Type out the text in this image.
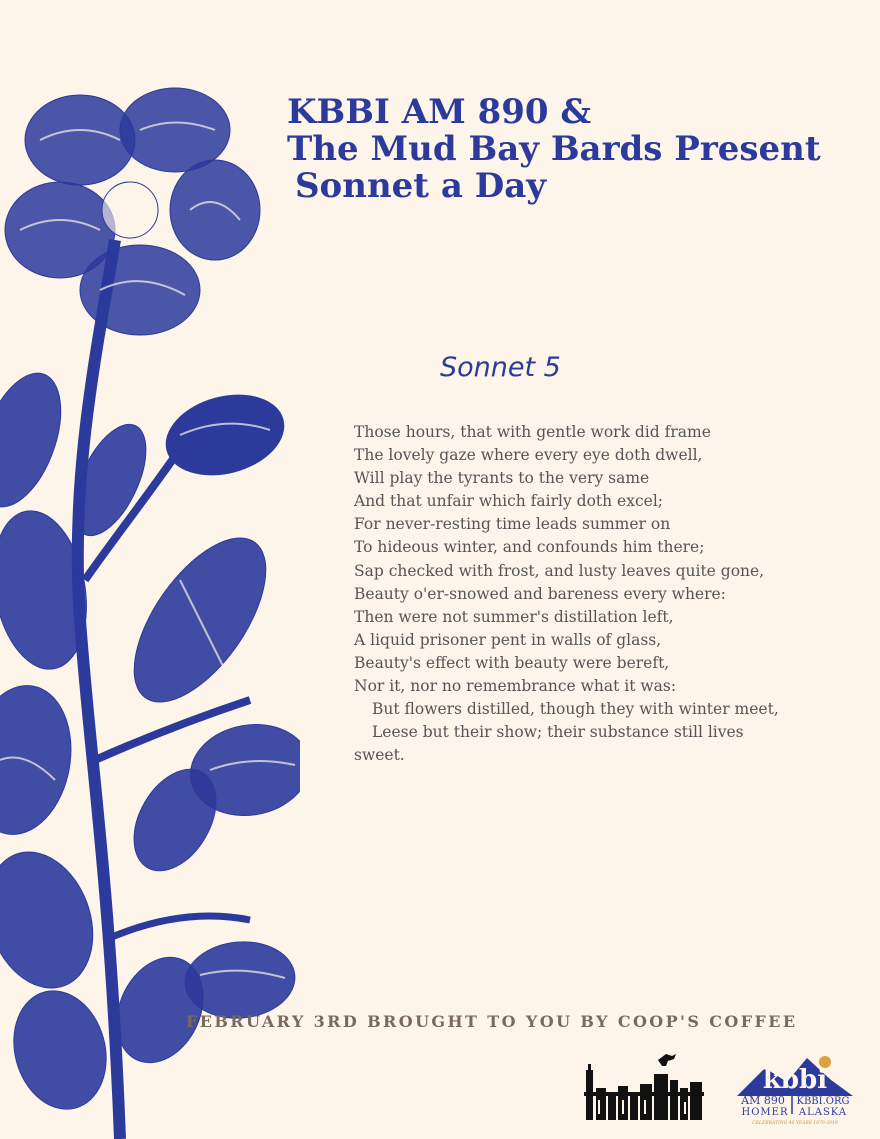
KBBI AM 890 &
The Mud Bay Bards Present
Sonnet a Day
Sonnet 5
Those hours, that with gentle work did frame
The lovely gaze where every eye doth dwell,
Will play the tyrants to the very same
And that unfair which fairly doth excel;
For never-resting time leads summer on
To hideous winter, and confounds him there;
Sap checked with frost, and lusty leaves quite gone,
Beauty o'er-snowed and bareness every where:
Then were not summer's distillation left,
A liquid prisoner pent in walls of glass,
Beauty's effect with beauty were bereft,
Nor it, nor no remembrance what it was:
But flowers distilled, though they with winter meet,
Leese but their show; their substance still lives
sweet.
FEBRUARY 3RD BROUGHT TO YOU BY COOP'S COFFEE
kbbi
AM 890 KBBI.ORG
HOMER ALASKA
CELEBRATING 40 YEARS 1979-2019
